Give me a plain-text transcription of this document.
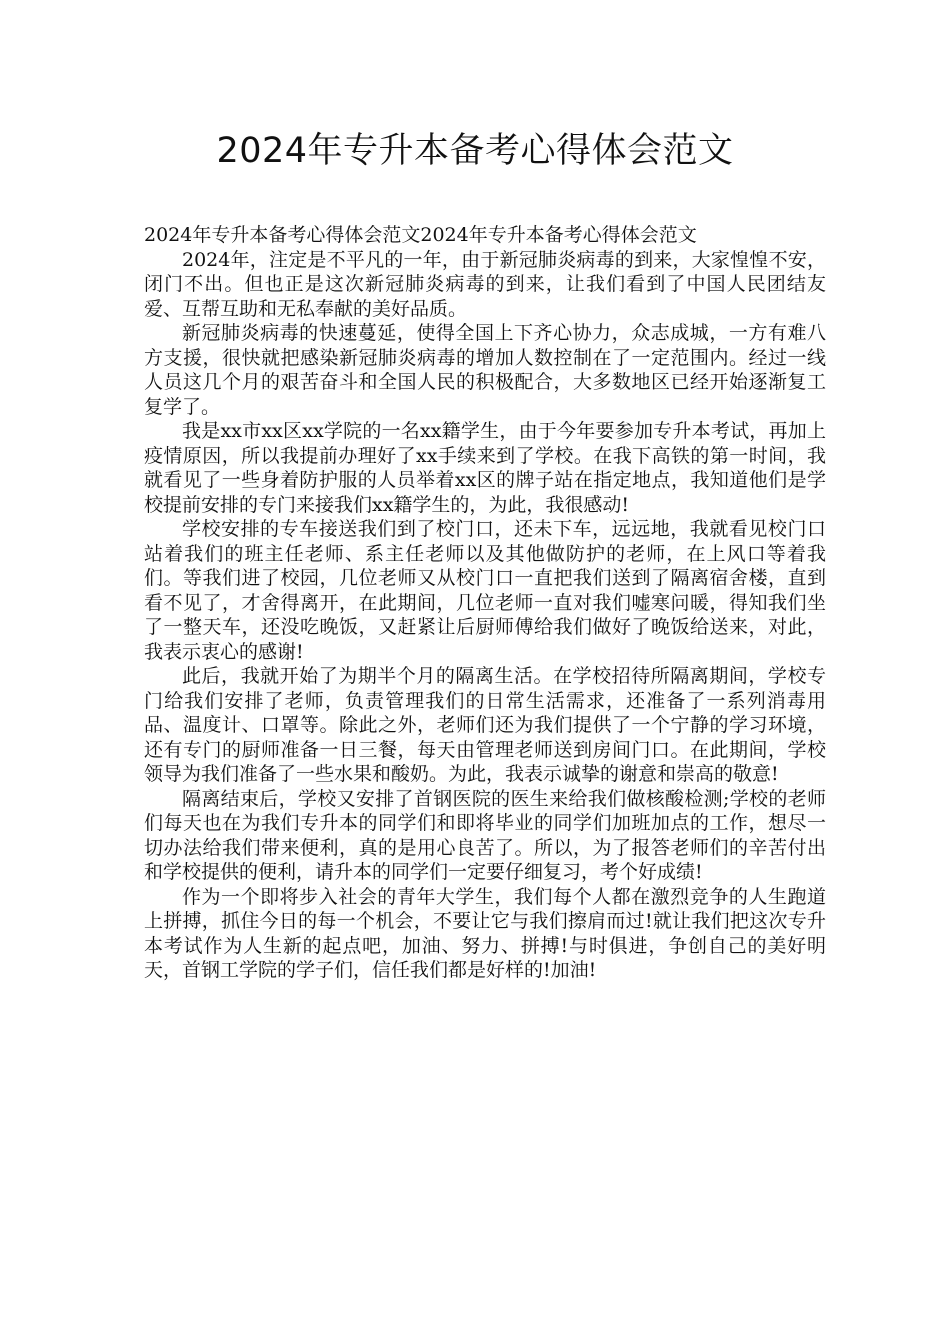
2024年专升本备考心得体会范文

2024年专升本备考心得体会范文2024年专升本备考心得体会范文

2024年，注定是不平凡的一年，由于新冠肺炎病毒的到来，大家惶惶不安，闭门不出。但也正是这次新冠肺炎病毒的到来，让我们看到了中国人民团结友爱、互帮互助和无私奉献的美好品质。

新冠肺炎病毒的快速蔓延，使得全国上下齐心协力，众志成城，一方有难八方支援，很快就把感染新冠肺炎病毒的增加人数控制在了一定范围内。经过一线人员这几个月的艰苦奋斗和全国人民的积极配合，大多数地区已经开始逐渐复工复学了。

我是xx市xx区xx学院的一名xx籍学生，由于今年要参加专升本考试，再加上疫情原因，所以我提前办理好了xx手续来到了学校。在我下高铁的第一时间，我就看见了一些身着防护服的人员举着xx区的牌子站在指定地点，我知道他们是学校提前安排的专门来接我们xx籍学生的，为此，我很感动!

学校安排的专车接送我们到了校门口，还未下车，远远地，我就看见校门口站着我们的班主任老师、系主任老师以及其他做防护的老师，在上风口等着我们。等我们进了校园，几位老师又从校门口一直把我们送到了隔离宿舍楼，直到看不见了，才舍得离开，在此期间，几位老师一直对我们嘘寒问暖，得知我们坐了一整天车，还没吃晚饭，又赶紧让后厨师傅给我们做好了晚饭给送来，对此，我表示衷心的感谢!

此后，我就开始了为期半个月的隔离生活。在学校招待所隔离期间，学校专门给我们安排了老师，负责管理我们的日常生活需求，还准备了一系列消毒用品、温度计、口罩等。除此之外，老师们还为我们提供了一个宁静的学习环境，还有专门的厨师准备一日三餐，每天由管理老师送到房间门口。在此期间，学校领导为我们准备了一些水果和酸奶。为此，我表示诚挚的谢意和崇高的敬意!

隔离结束后，学校又安排了首钢医院的医生来给我们做核酸检测;学校的老师们每天也在为我们专升本的同学们和即将毕业的同学们加班加点的工作，想尽一切办法给我们带来便利，真的是用心良苦了。所以，为了报答老师们的辛苦付出和学校提供的便利，请升本的同学们一定要仔细复习，考个好成绩!

作为一个即将步入社会的青年大学生，我们每个人都在激烈竞争的人生跑道上拼搏，抓住今日的每一个机会，不要让它与我们擦肩而过!就让我们把这次专升本考试作为人生新的起点吧，加油、努力、拼搏!与时俱进，争创自己的美好明天，首钢工学院的学子们，信任我们都是好样的!加油!
